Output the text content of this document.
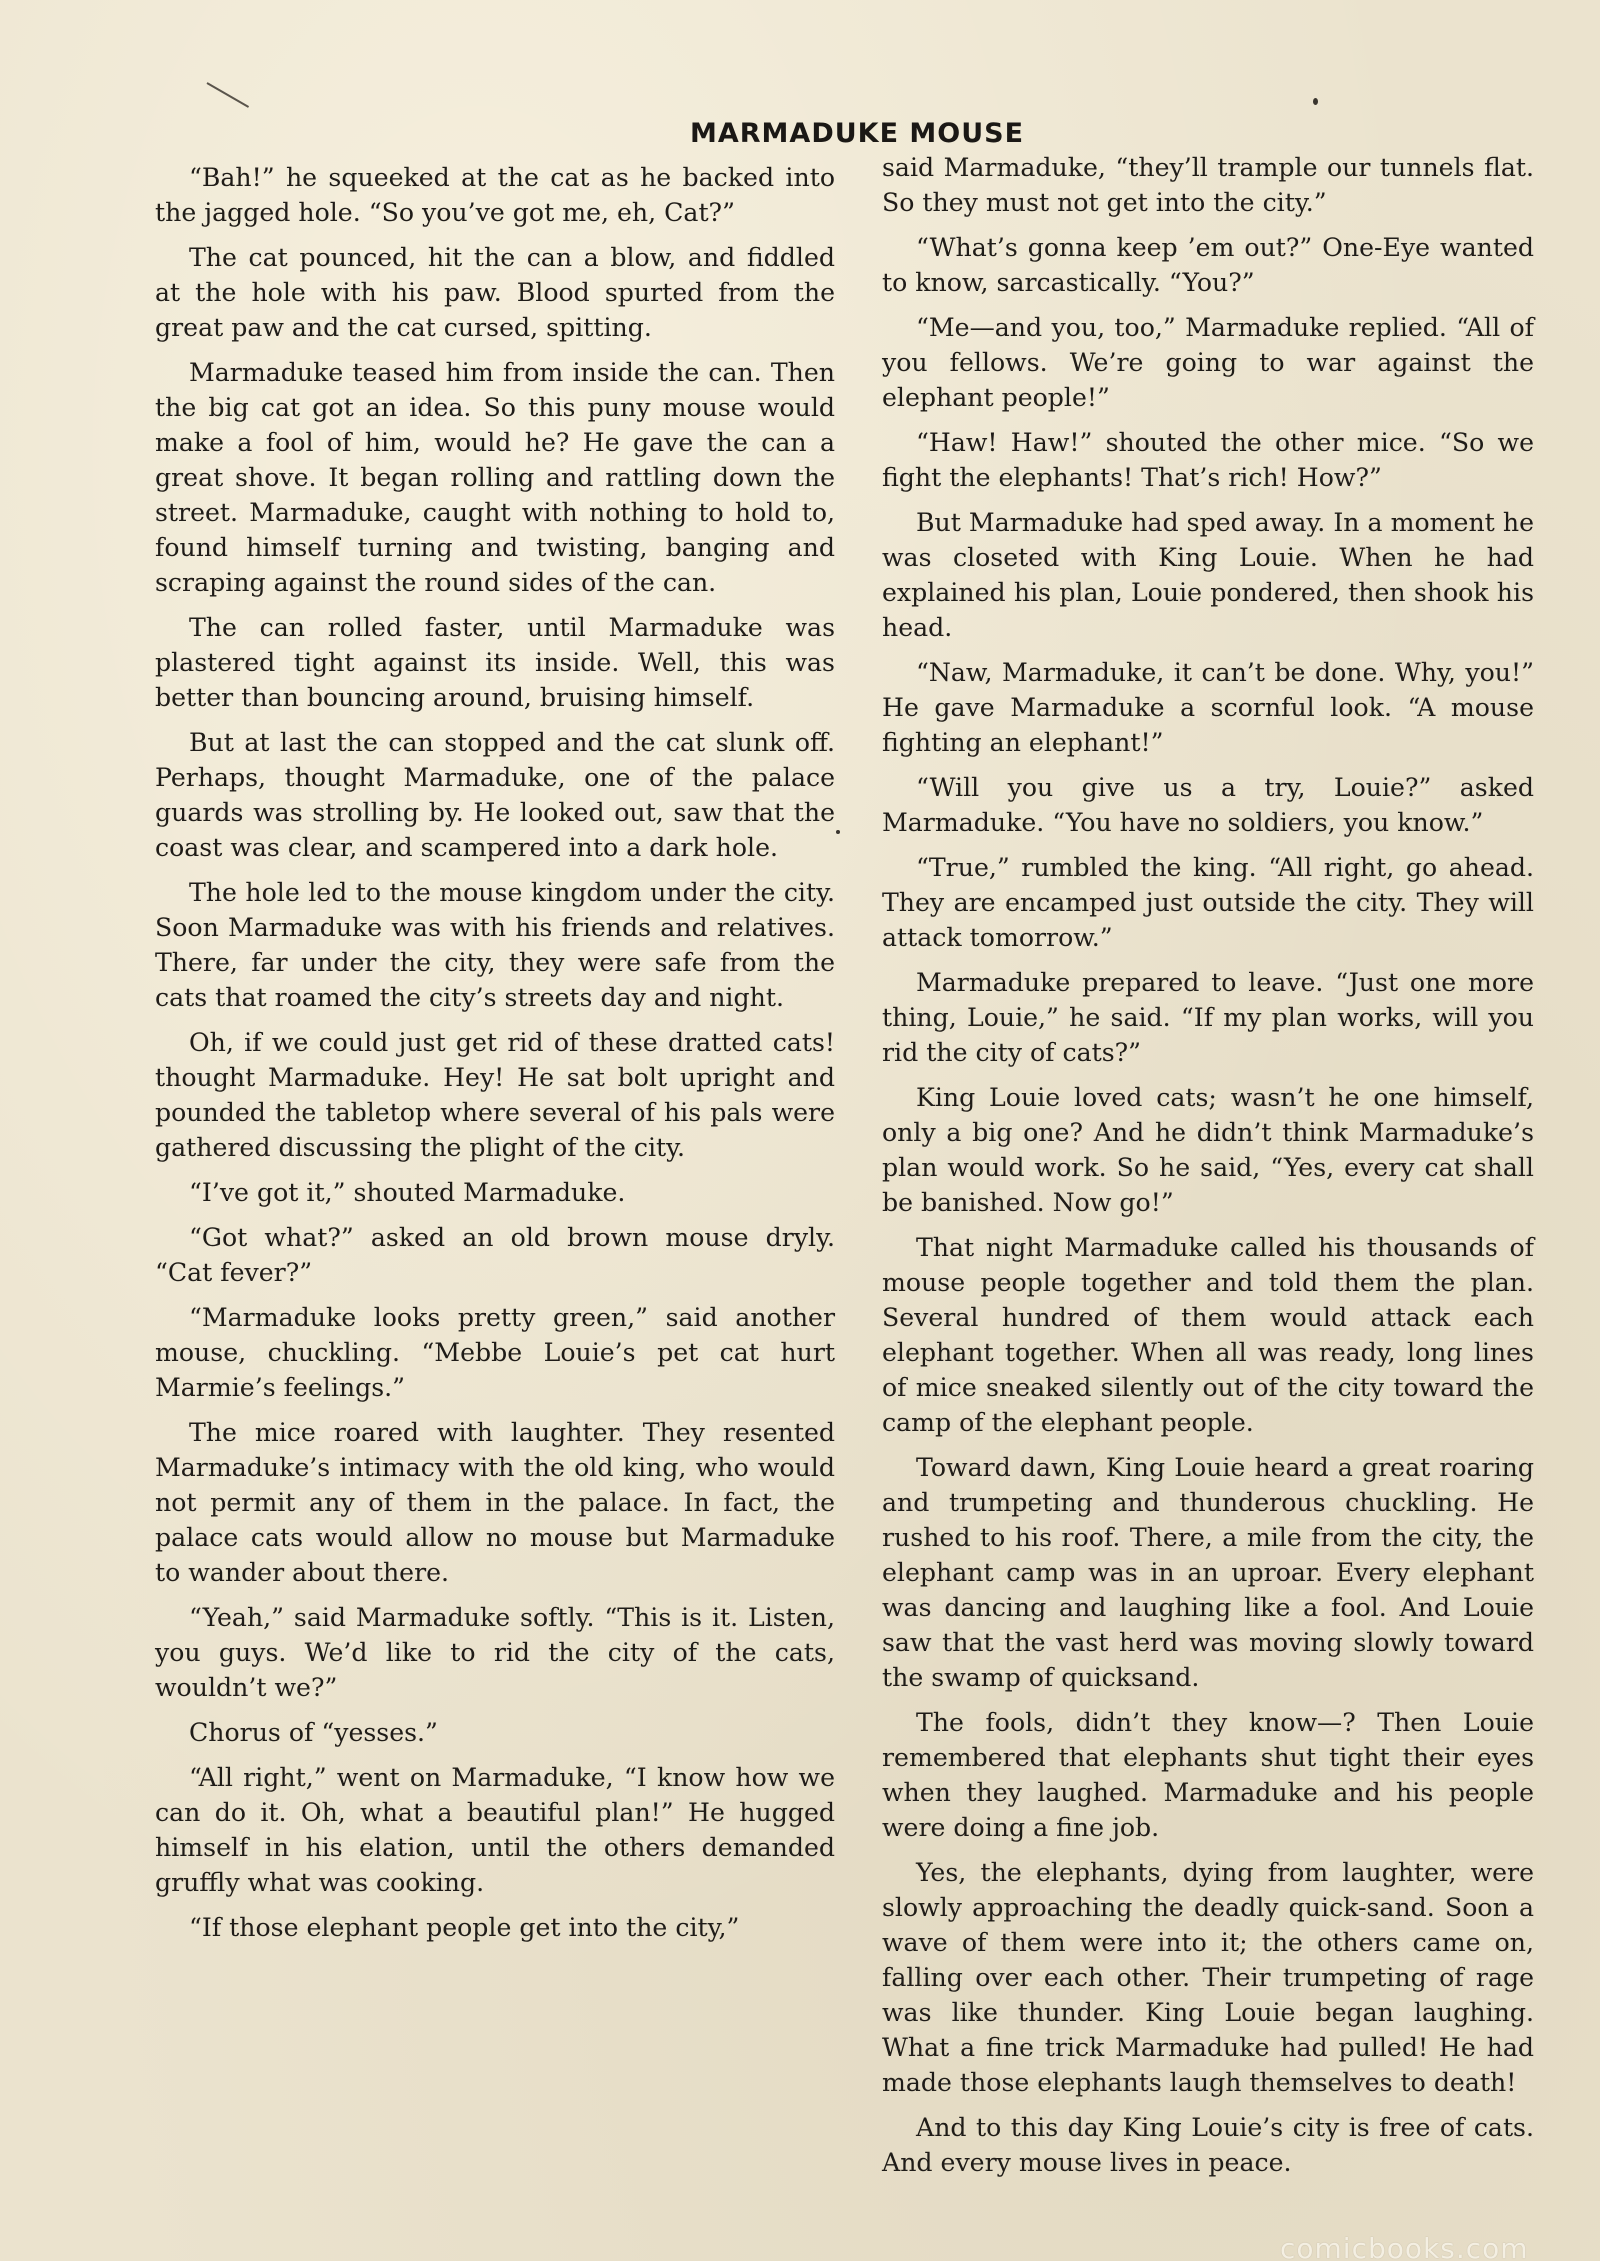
MARMADUKE MOUSE

“Bah!” he squeeked at the cat as he backed into the jagged hole. “So you’ve got me, eh, Cat?”

The cat pounced, hit the can a blow, and fiddled at the hole with his paw. Blood spurted from the great paw and the cat cursed, spitting.

Marmaduke teased him from inside the can. Then the big cat got an idea. So this puny mouse would make a fool of him, would he? He gave the can a great shove. It began rolling and rattling down the street. Marmaduke, caught with nothing to hold to, found himself turning and twisting, banging and scraping against the round sides of the can.

The can rolled faster, until Marmaduke was plastered tight against its inside. Well, this was better than bouncing around, bruising himself.

But at last the can stopped and the cat slunk off. Perhaps, thought Marmaduke, one of the palace guards was strolling by. He looked out, saw that the coast was clear, and scampered into a dark hole.

The hole led to the mouse kingdom under the city. Soon Marmaduke was with his friends and relatives. There, far under the city, they were safe from the cats that roamed the city’s streets day and night.

Oh, if we could just get rid of these dratted cats! thought Marmaduke. Hey! He sat bolt upright and pounded the tabletop where several of his pals were gathered discussing the plight of the city.

“I’ve got it,” shouted Marmaduke.

“Got what?” asked an old brown mouse dryly. “Cat fever?”

“Marmaduke looks pretty green,” said another mouse, chuckling. “Mebbe Louie’s pet cat hurt Marmie’s feelings.”

The mice roared with laughter. They resented Marmaduke’s intimacy with the old king, who would not permit any of them in the palace. In fact, the palace cats would allow no mouse but Marmaduke to wander about there.

“Yeah,” said Marmaduke softly. “This is it. Listen, you guys. We’d like to rid the city of the cats, wouldn’t we?”

Chorus of “yesses.”

“All right,” went on Marmaduke, “I know how we can do it. Oh, what a beautiful plan!” He hugged himself in his elation, until the others demanded gruffly what was cooking.

“If those elephant people get into the city,”

said Marmaduke, “they’ll trample our tunnels flat. So they must not get into the city.”

“What’s gonna keep ’em out?” One-Eye wanted to know, sarcastically. “You?”

“Me—and you, too,” Marmaduke replied. “All of you fellows. We’re going to war against the elephant people!”

“Haw! Haw!” shouted the other mice. “So we fight the elephants! That’s rich! How?”

But Marmaduke had sped away. In a moment he was closeted with King Louie. When he had explained his plan, Louie pondered, then shook his head.

“Naw, Marmaduke, it can’t be done. Why, you!” He gave Marmaduke a scornful look. “A mouse fighting an elephant!”

“Will you give us a try, Louie?” asked Marmaduke. “You have no soldiers, you know.”

“True,” rumbled the king. “All right, go ahead. They are encamped just outside the city. They will attack tomorrow.”

Marmaduke prepared to leave. “Just one more thing, Louie,” he said. “If my plan works, will you rid the city of cats?”

King Louie loved cats; wasn’t he one himself, only a big one? And he didn’t think Marmaduke’s plan would work. So he said, “Yes, every cat shall be banished. Now go!”

That night Marmaduke called his thousands of mouse people together and told them the plan. Several hundred of them would attack each elephant together. When all was ready, long lines of mice sneaked silently out of the city toward the camp of the elephant people.

Toward dawn, King Louie heard a great roaring and trumpeting and thunderous chuckling. He rushed to his roof. There, a mile from the city, the elephant camp was in an uproar. Every elephant was dancing and laughing like a fool. And Louie saw that the vast herd was moving slowly toward the swamp of quicksand.

The fools, didn’t they know—? Then Louie remembered that elephants shut tight their eyes when they laughed. Marmaduke and his people were doing a fine job.

Yes, the elephants, dying from laughter, were slowly approaching the deadly quick-sand. Soon a wave of them were into it; the others came on, falling over each other. Their trumpeting of rage was like thunder. King Louie began laughing. What a fine trick Marmaduke had pulled! He had made those elephants laugh themselves to death!

And to this day King Louie’s city is free of cats. And every mouse lives in peace.

comicbooks.com
